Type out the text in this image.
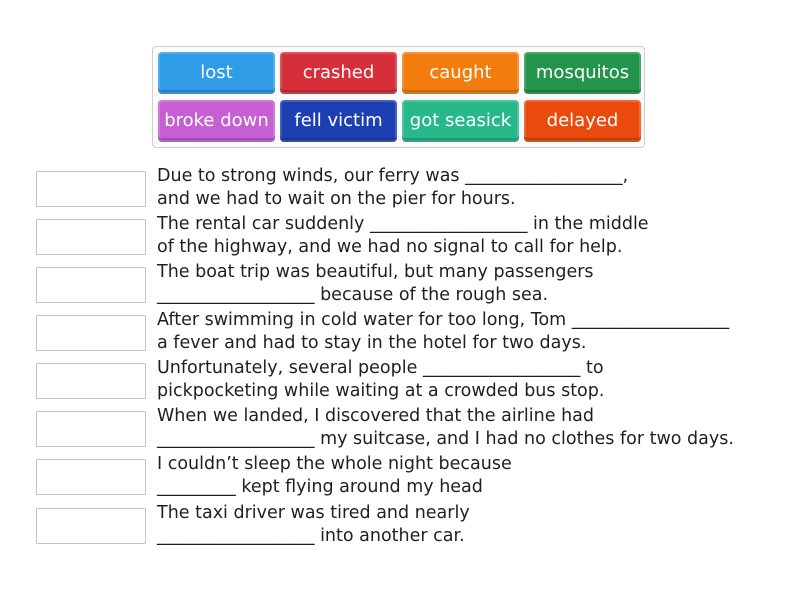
lost	crashed	caught	mosquitos
broke down	fell victim	got seasick	delayed
Due to strong winds, our ferry was __________________,
and we had to wait on the pier for hours.
The rental car suddenly __________________ in the middle
of the highway, and we had no signal to call for help.
The boat trip was beautiful, but many passengers
__________________ because of the rough sea.
After swimming in cold water for too long, Tom __________________
a fever and had to stay in the hotel for two days.
Unfortunately, several people __________________ to
pickpocketing while waiting at a crowded bus stop.
When we landed, I discovered that the airline had
__________________ my suitcase, and I had no clothes for two days.
I couldn’t sleep the whole night because
_________ kept flying around my head
The taxi driver was tired and nearly
__________________ into another car.
